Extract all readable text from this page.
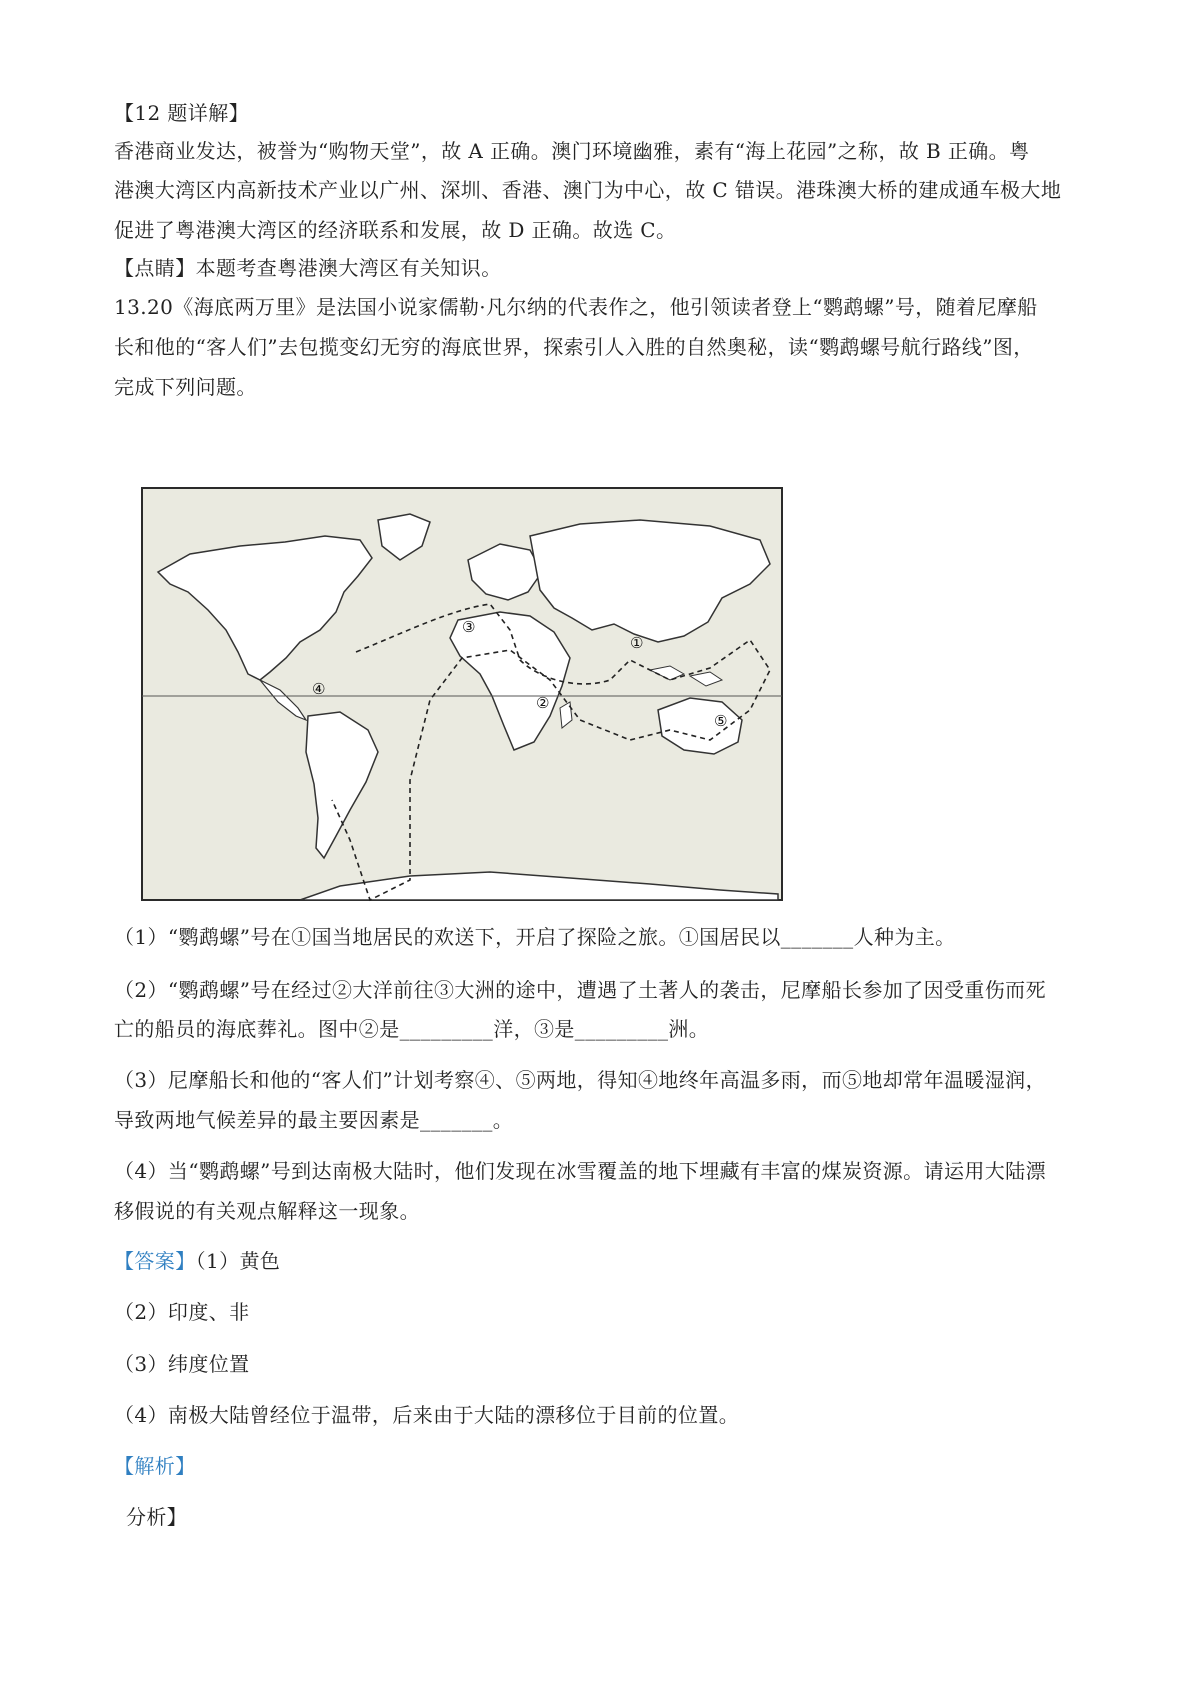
【12 题详解】
香港商业发达，被誉为“购物天堂”，故 A 正确。澳门环境幽雅，素有“海上花园”之称，故 B 正确。粤
港澳大湾区内高新技术产业以广州、深圳、香港、澳门为中心，故 C 错误。港珠澳大桥的建成通车极大地
促进了粤港澳大湾区的经济联系和发展，故 D 正确。故选 C。
【点睛】本题考查粤港澳大湾区有关知识。
13.20《海底两万里》是法国小说家儒勒·凡尔纳的代表作之，他引领读者登上“鹦鹉螺”号，随着尼摩船
长和他的“客人们”去包揽变幻无穷的海底世界，探索引人入胜的自然奥秘，读“鹦鹉螺号航行路线”图，
完成下列问题。
④
②
③
①
⑤
（1）“鹦鹉螺”号在①国当地居民的欢送下，开启了探险之旅。①国居民以_______人种为主。
（2）“鹦鹉螺”号在经过②大洋前往③大洲的途中，遭遇了土著人的袭击，尼摩船长参加了因受重伤而死
亡的船员的海底葬礼。图中②是_________洋，③是_________洲。
（3）尼摩船长和他的“客人们”计划考察④、⑤两地，得知④地终年高温多雨，而⑤地却常年温暖湿润，
导致两地气候差异的最主要因素是_______。
（4）当“鹦鹉螺”号到达南极大陆时，他们发现在冰雪覆盖的地下埋藏有丰富的煤炭资源。请运用大陆漂
移假说的有关观点解释这一现象。
【答案】（1）黄色
（2）印度、非
（3）纬度位置
（4）南极大陆曾经位于温带，后来由于大陆的漂移位于目前的位置。
【解析】
分析】
